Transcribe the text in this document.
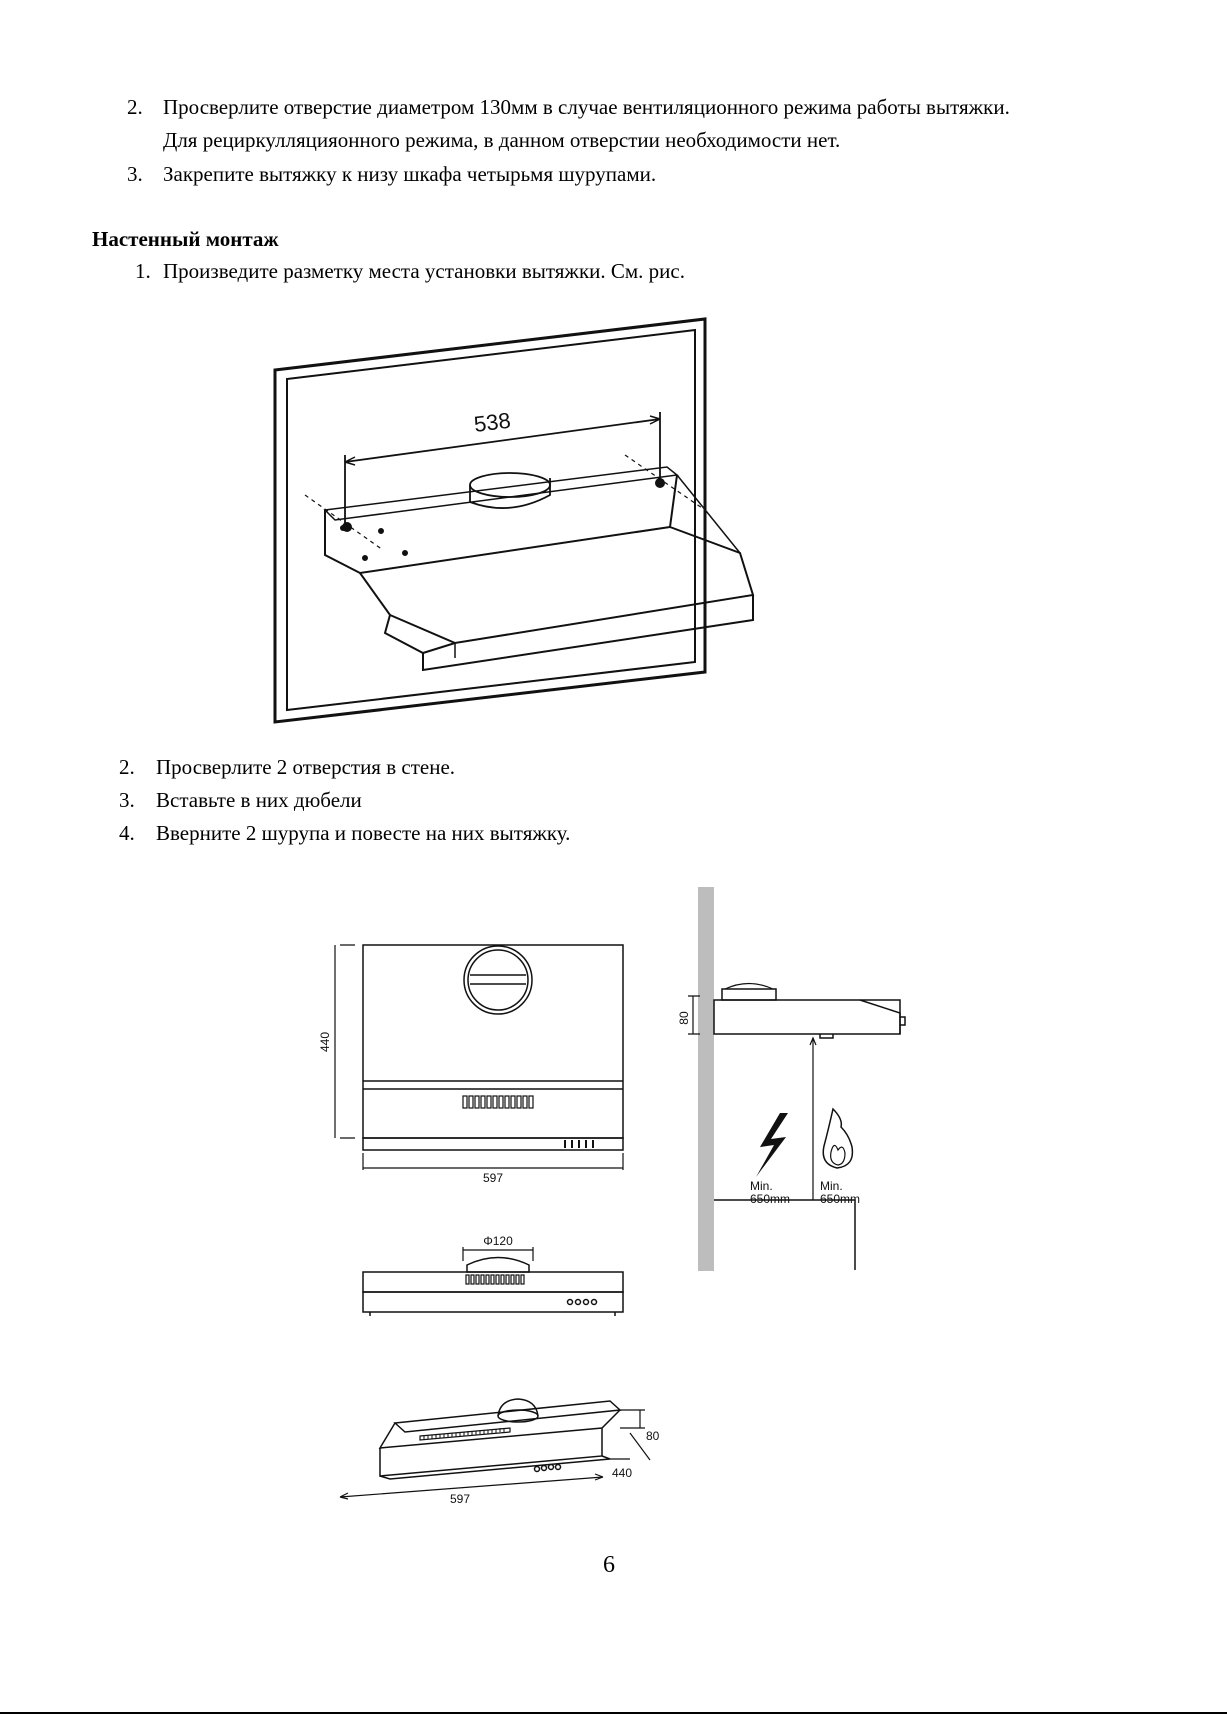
2. Просверлите отверстие диаметром 130мм в случае вентиляционного режима работы вытяжки.
Для рециркулляцияонного режима, в данном отверстии необходимости нет.
3. Закрепите вытяжку к низу шкафа четырьмя шурупами.
Настенный монтаж
1. Произведите разметку места установки вытяжки. См. рис.
538
2. Просверлите 2 отверстия в стене.
3. Вставьте в них дюбели
4. Вверните 2 шурупа и повесте на них вытяжку.
440
597
Φ120
80
Min.
650mm
Min.
650mm
80
440
597
6
